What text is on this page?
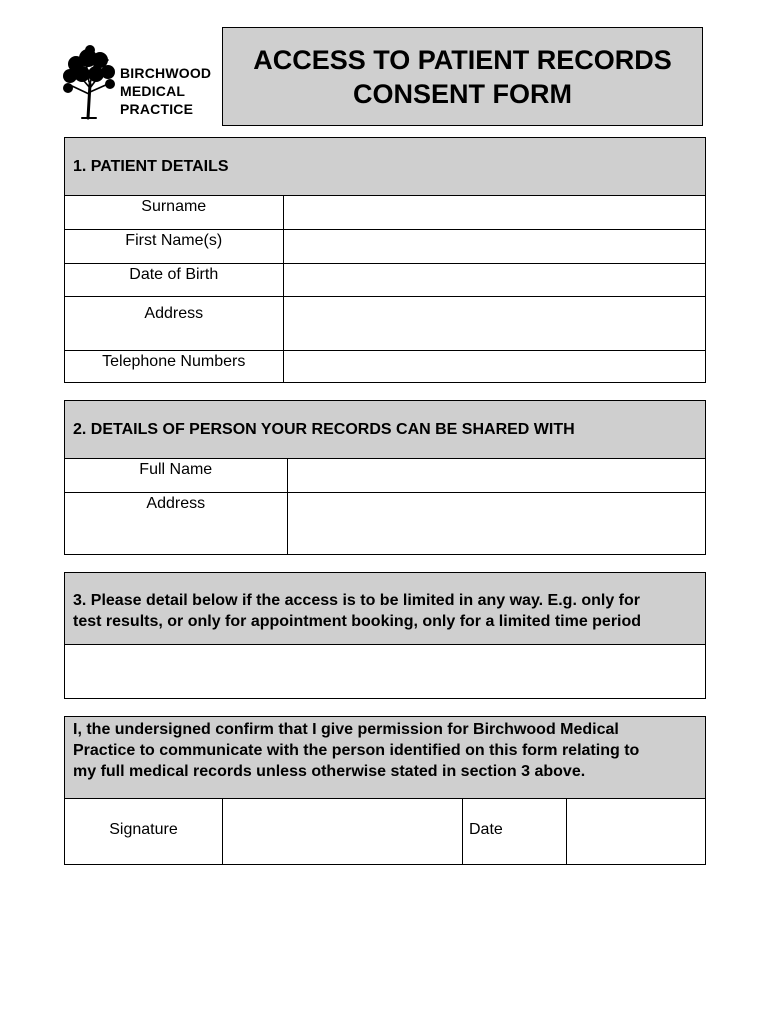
BIRCHWOOD
MEDICAL
PRACTICE
ACCESS TO PATIENT RECORDS
CONSENT FORM
1. PATIENT DETAILS
Surname	
First Name(s)	
Date of Birth	
Address	
Telephone Numbers	
2. DETAILS OF PERSON YOUR RECORDS CAN BE SHARED WITH
Full Name	
Address	
3. Please detail below if the access is to be limited in any way. E.g. only for
test results, or only for appointment booking, only for a limited time period
I, the undersigned confirm that I give permission for Birchwood Medical
Practice to communicate with the person identified on this form relating to
my full medical records unless otherwise stated in section 3 above.
Signature	Date
